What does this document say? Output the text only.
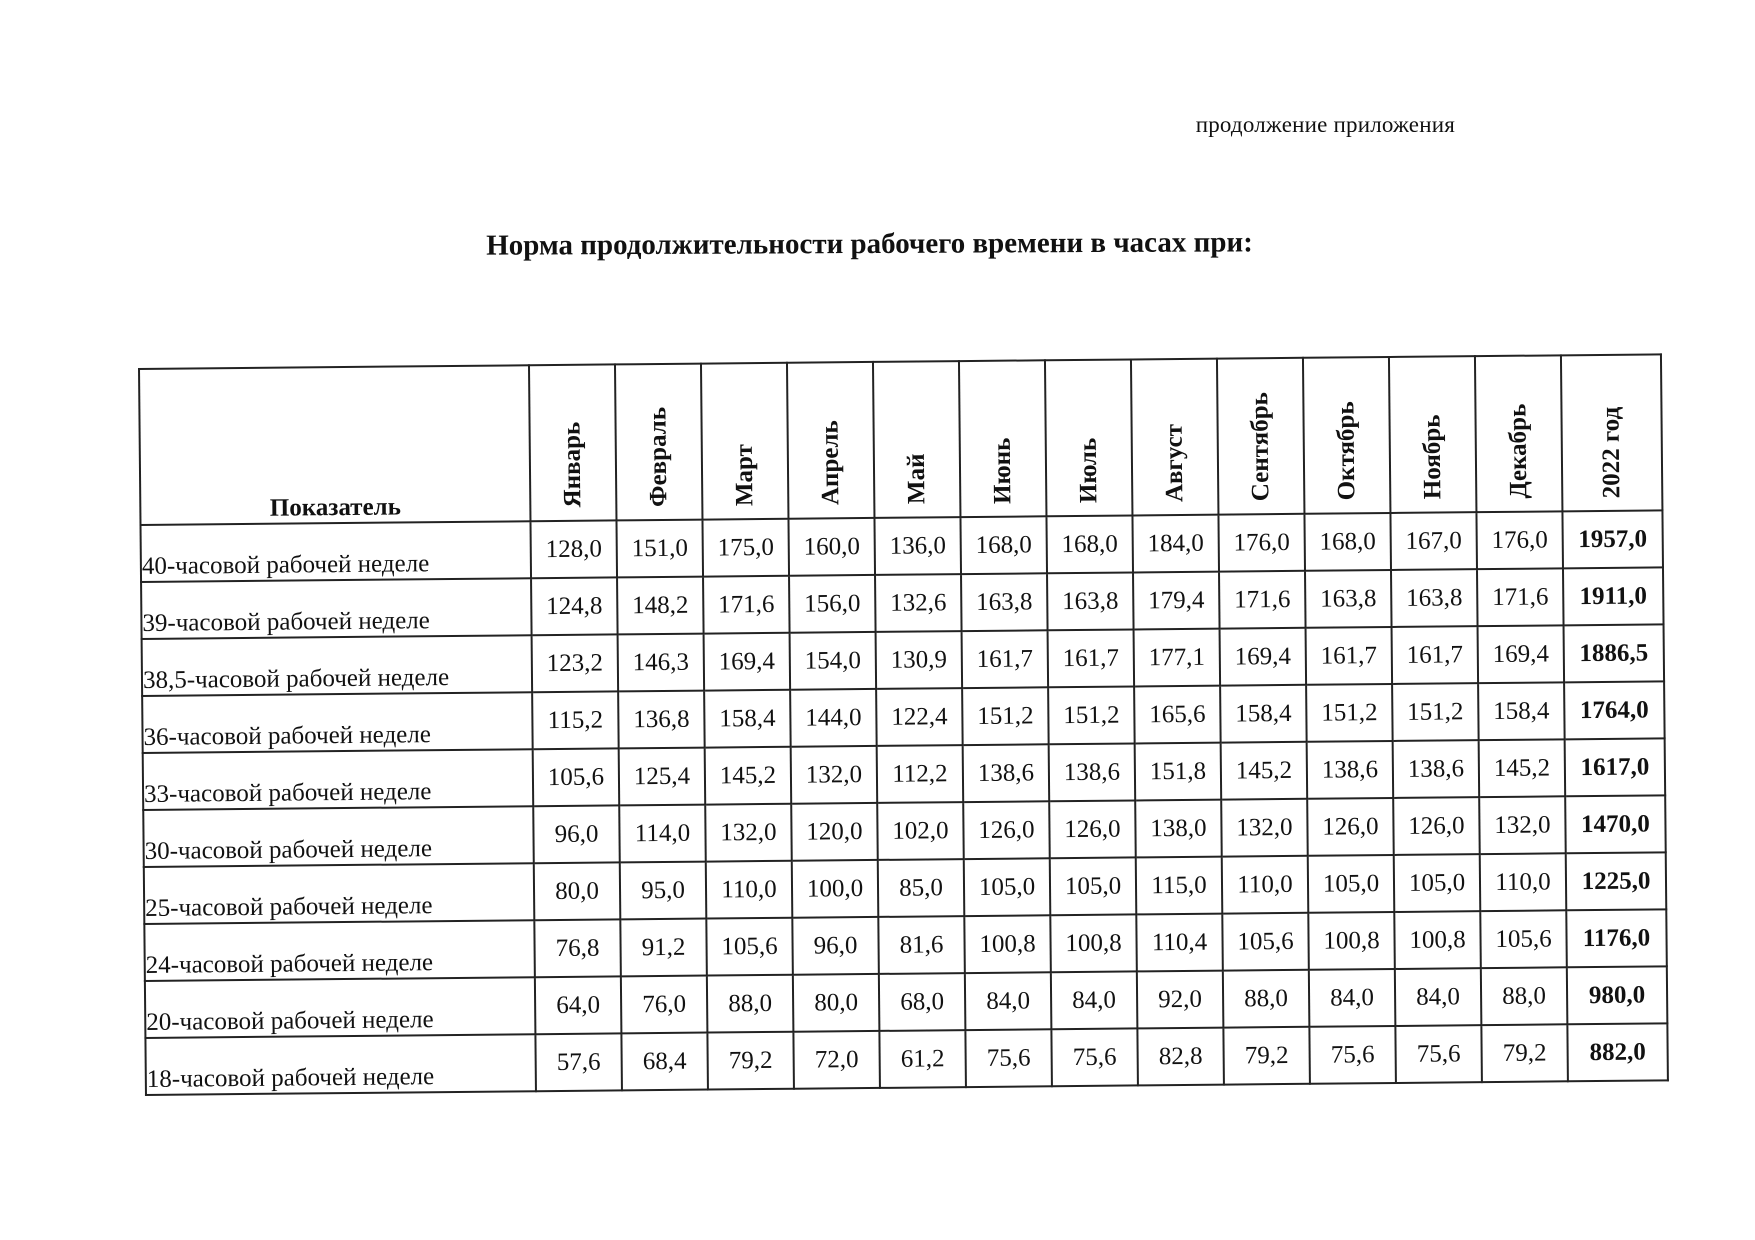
продолжение приложения
Норма продолжительности рабочего времени в часах при:
Показатель	Январь	Февраль	Март	Апрель	Май	Июнь	Июль	Август	Сентябрь	Октябрь	Ноябрь	Декабрь	2022 год

40-часовой рабочей неделе	128,0	151,0	175,0	160,0	136,0	168,0	168,0	184,0	176,0	168,0	167,0	176,0	1957,0
39-часовой рабочей неделе	124,8	148,2	171,6	156,0	132,6	163,8	163,8	179,4	171,6	163,8	163,8	171,6	1911,0
38,5-часовой рабочей неделе	123,2	146,3	169,4	154,0	130,9	161,7	161,7	177,1	169,4	161,7	161,7	169,4	1886,5
36-часовой рабочей неделе	115,2	136,8	158,4	144,0	122,4	151,2	151,2	165,6	158,4	151,2	151,2	158,4	1764,0
33-часовой рабочей неделе	105,6	125,4	145,2	132,0	112,2	138,6	138,6	151,8	145,2	138,6	138,6	145,2	1617,0
30-часовой рабочей неделе	96,0	114,0	132,0	120,0	102,0	126,0	126,0	138,0	132,0	126,0	126,0	132,0	1470,0
25-часовой рабочей неделе	80,0	95,0	110,0	100,0	85,0	105,0	105,0	115,0	110,0	105,0	105,0	110,0	1225,0
24-часовой рабочей неделе	76,8	91,2	105,6	96,0	81,6	100,8	100,8	110,4	105,6	100,8	100,8	105,6	1176,0
20-часовой рабочей неделе	64,0	76,0	88,0	80,0	68,0	84,0	84,0	92,0	88,0	84,0	84,0	88,0	980,0
18-часовой рабочей неделе	57,6	68,4	79,2	72,0	61,2	75,6	75,6	82,8	79,2	75,6	75,6	79,2	882,0
